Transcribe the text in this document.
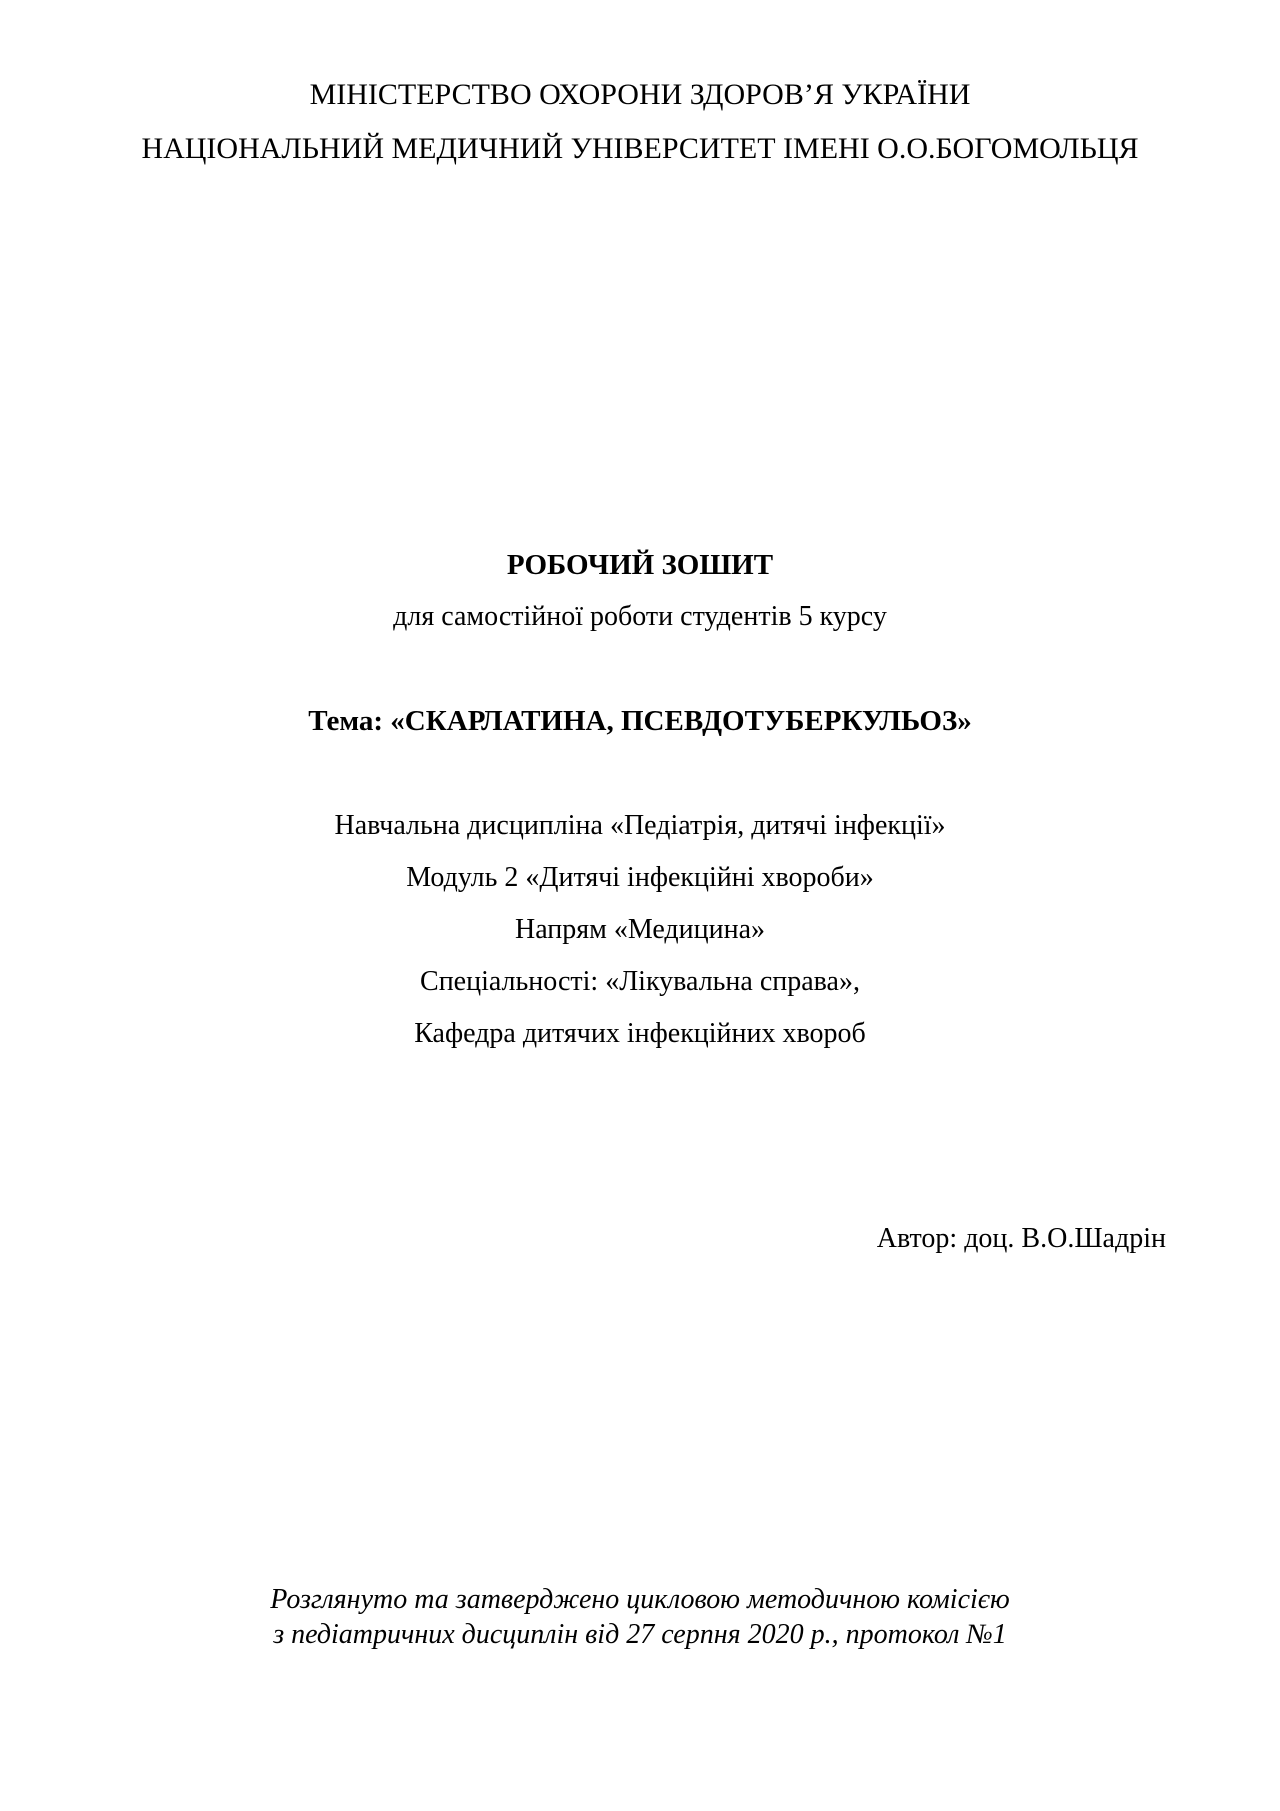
МІНІСТЕРСТВО ОХОРОНИ ЗДОРОВ’Я УКРАЇНИ
НАЦІОНАЛЬНИЙ МЕДИЧНИЙ УНІВЕРСИТЕТ ІМЕНІ О.О.БОГОМОЛЬЦЯ
РОБОЧИЙ ЗОШИТ
для самостійної роботи студентів 5 курсу
Тема: «СКАРЛАТИНА, ПСЕВДОТУБЕРКУЛЬОЗ»
Навчальна дисципліна «Педіатрія, дитячі інфекції»
Модуль 2 «Дитячі інфекційні хвороби»
Напрям «Медицина»
Спеціальності: «Лікувальна справа»,
Кафедра дитячих інфекційних хвороб
Автор: доц. В.О.Шадрін
Розглянуто та затверджено цикловою методичною комісією
з педіатричних дисциплін від 27 серпня 2020 р., протокол №1
